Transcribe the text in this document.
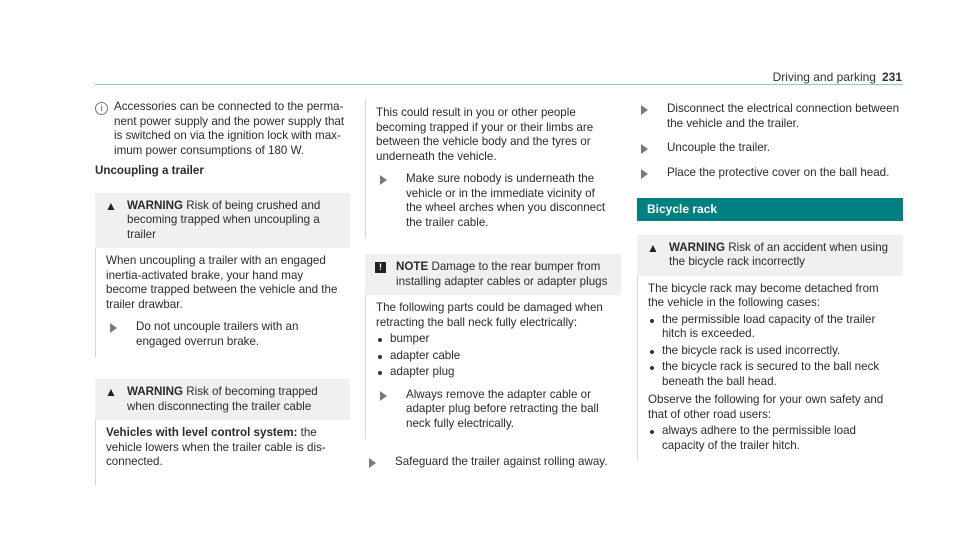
Driving and parking 231
i Accessories can be connected to the permanent power supply and the power supply that is switched on via the ignition lock with maximum power consumptions of 180 W.

Uncoupling a trailer

▲ WARNING Risk of being crushed and becoming trapped when uncoupling a trailer

When uncoupling a trailer with an engaged inertia-activated brake, your hand may become trapped between the vehicle and the trailer drawbar.

Do not uncouple trailers with an engaged overrun brake.

▲ WARNING Risk of becoming trapped when disconnecting the trailer cable

Vehicles with level control system: the vehicle lowers when the trailer cable is disconnected.

This could result in you or other people becoming trapped if your or their limbs are between the vehicle body and the tyres or underneath the vehicle.

Make sure nobody is underneath the vehicle or in the immediate vicinity of the wheel arches when you disconnect the trailer cable.

!	NOTE Damage to the rear bumper from installing adapter cables or adapter plugs

The following parts could be damaged when retracting the ball neck fully electrically:

bumper
adapter cable
adapter plug

Always remove the adapter cable or adapter plug before retracting the ball neck fully electrically.

Safeguard the trailer against rolling away.

Disconnect the electrical connection between the vehicle and the trailer.

Uncouple the trailer.

Place the protective cover on the ball head.

Bicycle rack
▲ WARNING Risk of an accident when using the bicycle rack incorrectly

The bicycle rack may become detached from the vehicle in the following cases:

the permissible load capacity of the trailer hitch is exceeded.
the bicycle rack is used incorrectly.
the bicycle rack is secured to the ball neck beneath the ball head.

Observe the following for your own safety and that of other road users:

always adhere to the permissible load capacity of the trailer hitch.
